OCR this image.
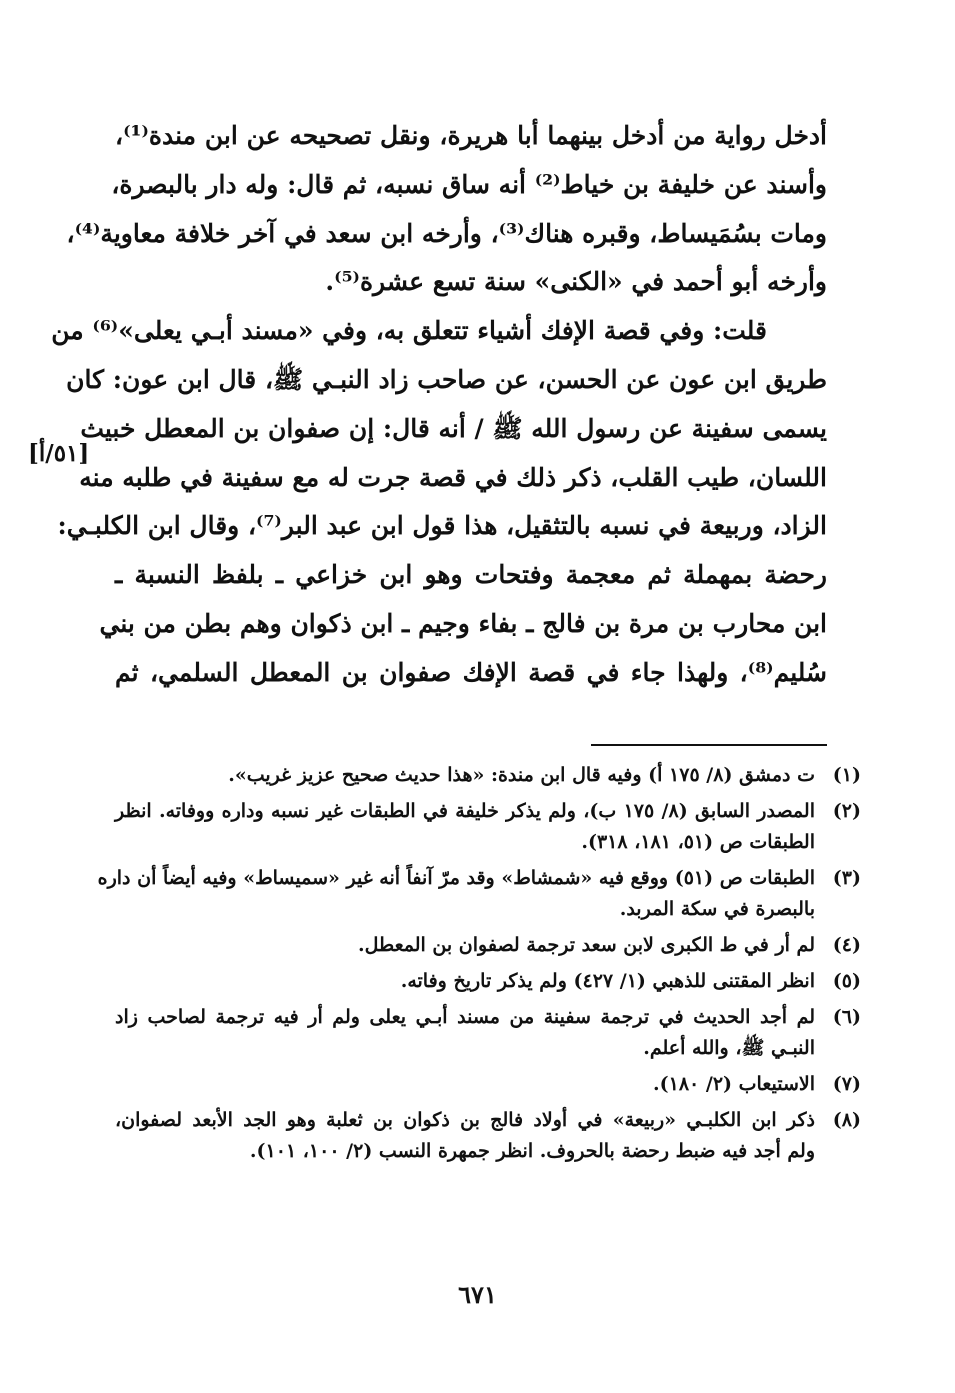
أدخل رواية من أدخل بينهما أبا هريرة، ونقل تصحيحه عن ابن مندة⁽¹⁾،
وأسند عن خليفة بن خياط⁽²⁾ أنه ساق نسبه، ثم قال: وله دار بالبصرة،
ومات بسُمَيساط، وقبره هناك⁽³⁾، وأرخه ابن سعد في آخر خلافة معاوية⁽⁴⁾،
وأرخه أبو أحمد في «الكنى» سنة تسع عشرة⁽⁵⁾.
قلت: وفي قصة الإفك أشياء تتعلق به، وفي «مسند أبـي يعلى»⁽⁶⁾ من
طريق ابن عون عن الحسن، عن صاحب زاد النبـي ﷺ، قال ابن عون: كان
يسمى سفينة عن رسول الله ﷺ / أنه قال: إن صفوان بن المعطل خبيث
اللسان، طيب القلب، ذكر ذلك في قصة جرت له مع سفينة في طلبه منه
الزاد، وربيعة في نسبه بالتثقيل، هذا قول ابن عبد البر⁽⁷⁾، وقال ابن الكلبـي:
رحضة بمهملة ثم معجمة وفتحات وهو ابن خزاعي ـ بلفظ النسبة ـ
ابن محارب بن مرة بن فالج ـ بفاء وجيم ـ ابن ذكوان وهم بطن من بني
سُليم⁽⁸⁾، ولهذا جاء في قصة الإفك صفوان بن المعطل السلمي، ثم
[٥١/أ]
(١)
ت دمشق (٨/ ١٧٥ أ) وفيه قال ابن مندة: «هذا حديث صحيح عزيز غريب».
(٢)
المصدر السابق (٨/ ١٧٥ ب)، ولم يذكر خليفة في الطبقات غير نسبه وداره ووفاته. انظر
الطبقات ص (٥١، ١٨١، ٣١٨).
(٣)
الطبقات ص (٥١) ووقع فيه «شمشاط» وقد مرّ آنفاً أنه غير «سميساط» وفيه أيضاً أن داره
بالبصرة في سكة المربد.
(٤)
لم أر في ط الكبرى لابن سعد ترجمة لصفوان بن المعطل.
(٥)
انظر المقتنى للذهبي (١/ ٤٢٧) ولم يذكر تاريخ وفاته.
(٦)
لم أجد الحديث في ترجمة سفينة من مسند أبـي يعلى ولم أر فيه ترجمة لصاحب زاد
النبـي ﷺ، والله أعلم.
(٧)
الاستيعاب (٢/ ١٨٠).
(٨)
ذكر ابن الكلبـي «ربيعة» في أولاد فالج بن ذكوان بن ثعلبة وهو الجد الأبعد لصفوان،
ولم أجد فيه ضبط رحضة بالحروف. انظر جمهرة النسب (٢/ ١٠٠، ١٠١).
٦٧١
